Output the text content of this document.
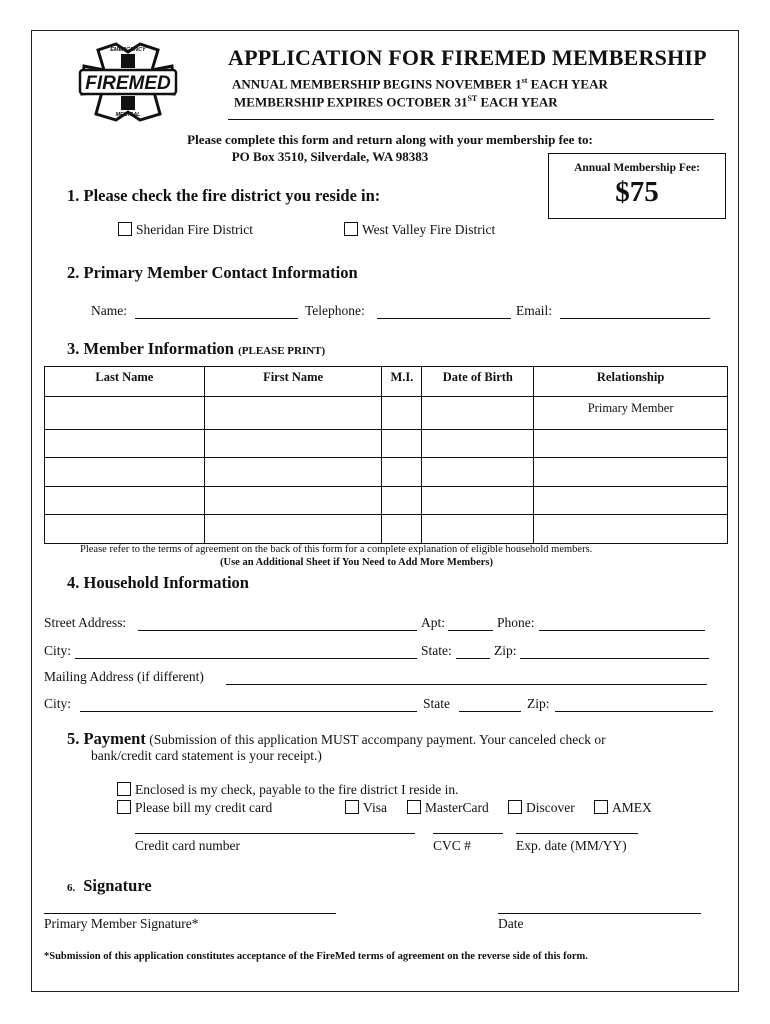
FIREMED
EMERGENCY
MEDICAL
APPLICATION FOR FIREMED MEMBERSHIP
ANNUAL MEMBERSHIP BEGINS NOVEMBER 1st EACH YEAR
MEMBERSHIP EXPIRES OCTOBER 31ST EACH YEAR
Please complete this form and return along with your membership fee to:
PO Box 3510, Silverdale, WA 98383
Annual Membership Fee:
$75
1. Please check the fire district you reside in:
Sheridan Fire District	West Valley Fire District
2. Primary Member Contact Information
Name:	Telephone:	Email:
3. Member Information (PLEASE PRINT)
Last Name	First Name	M.I.	Date of Birth	Relationship
				Primary Member

Please refer to the terms of agreement on the back of this form for a complete explanation of eligible household members.
(Use an Additional Sheet if You Need to Add More Members)
4. Household Information
Street Address:	Apt:	Phone:
City:	State:	Zip:
Mailing Address (if different)
City:	State	Zip:
5. Payment (Submission of this application MUST accompany payment. Your canceled check or
bank/credit card statement is your receipt.)
Enclosed is my check, payable to the fire district I reside in.
Please bill my credit card	Visa	MasterCard	Discover	AMEX
Credit card number	CVC #	Exp. date (MM/YY)
6. Signature
Primary Member Signature*	Date
*Submission of this application constitutes acceptance of the FireMed terms of agreement on the reverse side of this form.
